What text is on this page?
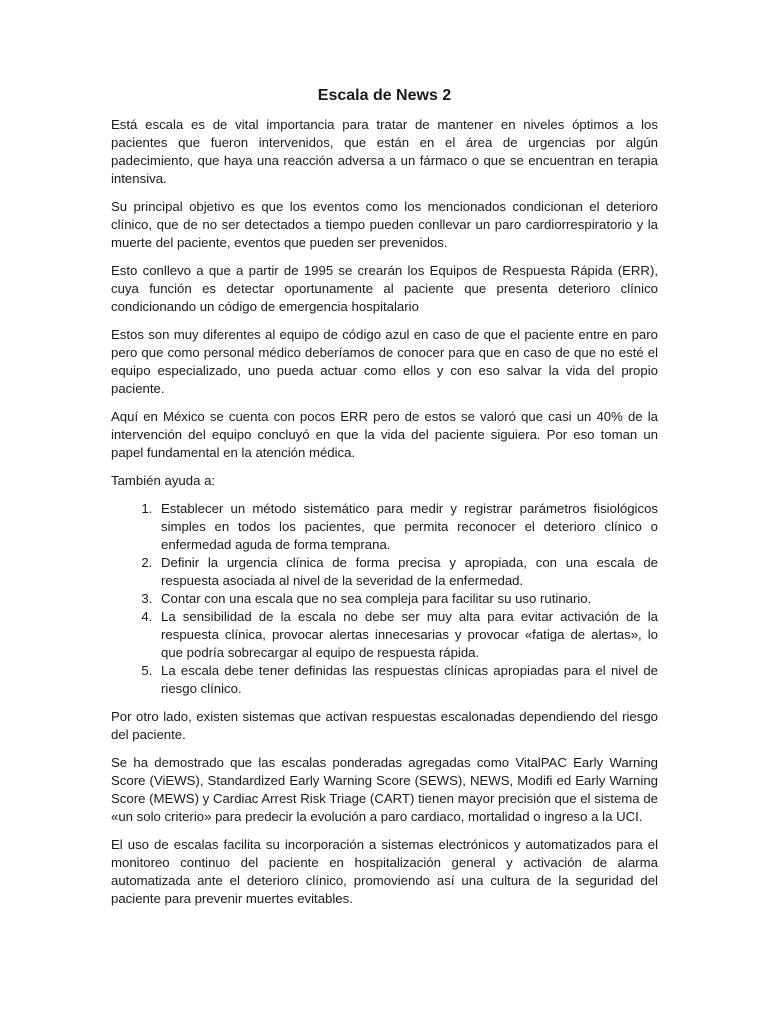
Escala de News 2

Está escala es de vital importancia para tratar de mantener en niveles óptimos a los pacientes que fueron intervenidos, que están en el área de urgencias por algún padecimiento, que haya una reacción adversa a un fármaco o que se encuentran en terapia intensiva.

Su principal objetivo es que los eventos como los mencionados condicionan el deterioro clínico, que de no ser detectados a tiempo pueden conllevar un paro cardiorrespiratorio y la muerte del paciente, eventos que pueden ser prevenidos.

Esto conllevo a que a partir de 1995 se crearán los Equipos de Respuesta Rápida (ERR), cuya función es detectar oportunamente al paciente que presenta deterioro clínico condicionando un código de emergencia hospitalario

Estos son muy diferentes al equipo de código azul en caso de que el paciente entre en paro pero que como personal médico deberíamos de conocer para que en caso de que no esté el equipo especializado, uno pueda actuar como ellos y con eso salvar la vida del propio paciente.

Aquí en México se cuenta con pocos ERR pero de estos se valoró que casi un 40% de la intervención del equipo concluyó en que la vida del paciente siguiera. Por eso toman un papel fundamental en la atención médica.

También ayuda a:

1. Establecer un método sistemático para medir y registrar parámetros fisiológicos simples en todos los pacientes, que permita reconocer el deterioro clínico o enfermedad aguda de forma temprana.
2. Definir la urgencia clínica de forma precisa y apropiada, con una escala de respuesta asociada al nivel de la severidad de la enfermedad.
3. Contar con una escala que no sea compleja para facilitar su uso rutinario.
4. La sensibilidad de la escala no debe ser muy alta para evitar activación de la respuesta clínica, provocar alertas innecesarias y provocar «fatiga de alertas», lo que podría sobrecargar al equipo de respuesta rápida.
5. La escala debe tener definidas las respuestas clínicas apropiadas para el nivel de riesgo clínico.

Por otro lado, existen sistemas que activan respuestas escalonadas dependiendo del riesgo del paciente.

Se ha demostrado que las escalas ponderadas agregadas como VitalPAC Early Warning Score (ViEWS), Standardized Early Warning Score (SEWS), NEWS, Modifi ed Early Warning Score (MEWS) y Cardiac Arrest Risk Triage (CART) tienen mayor precisión que el sistema de «un solo criterio» para predecir la evolución a paro cardiaco, mortalidad o ingreso a la UCI.

El uso de escalas facilita su incorporación a sistemas electrónicos y automatizados para el monitoreo continuo del paciente en hospitalización general y activación de alarma automatizada ante el deterioro clínico, promoviendo así una cultura de la seguridad del paciente para prevenir muertes evitables.
